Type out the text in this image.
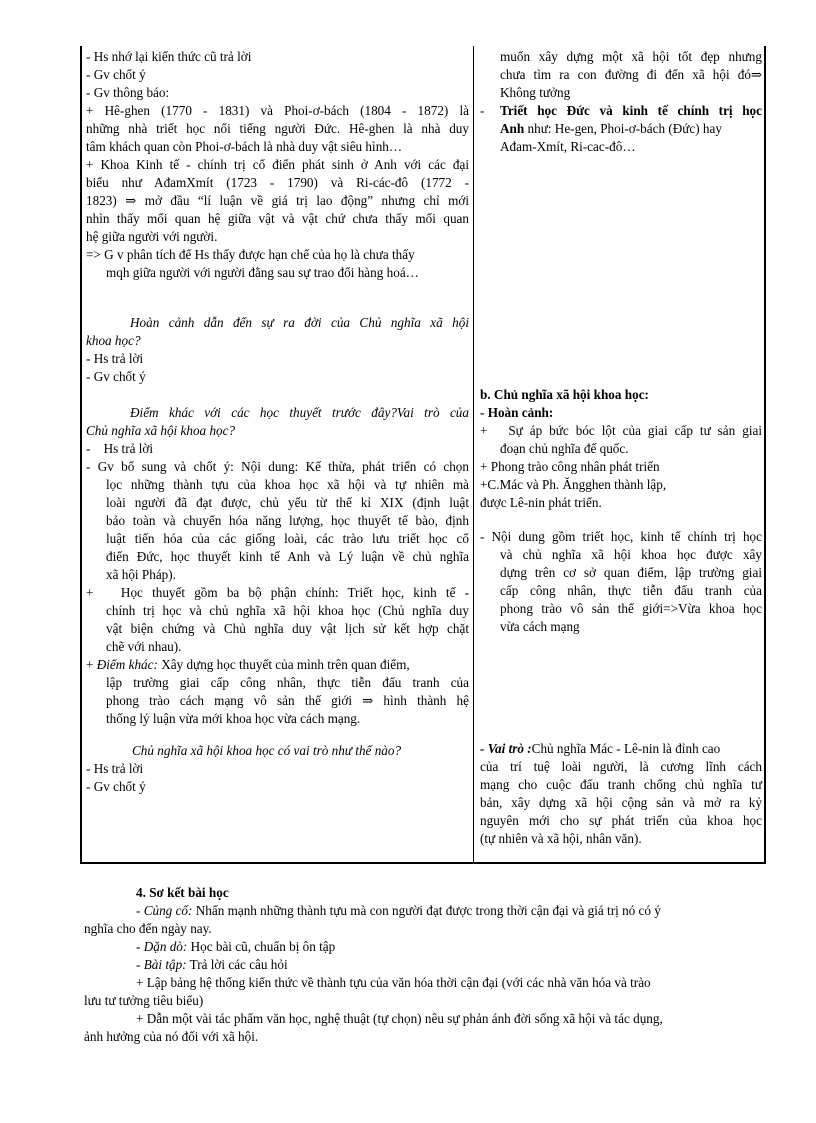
- Hs nhớ lại kiến thức cũ trả lời
- Gv chốt ý
- Gv thông báo:
+ Hê-ghen (1770 - 1831) và Phoi-ơ-bách (1804 - 1872) là
những nhà triết học nổi tiếng người Đức. Hê-ghen là nhà duy
tâm khách quan còn Phoi-ơ-bách là nhà duy vật siêu hình…
+ Khoa Kinh tế - chính trị cổ điển phát sinh ở Anh với các đại
biểu như AđamXmít (1723 - 1790) và Ri-các-đô (1772 -
1823) ⇒ mở đầu “lí luận về giá trị lao động” nhưng chỉ mới
nhìn thấy mối quan hệ giữa vật và vật chứ chưa thấy mối quan
hệ giữa người với người.
=> G v phân tích để Hs thấy được hạn chế của họ là chưa thấy
mqh giữa người với người đằng sau sự trao đổi hàng hoá…
Hoàn cảnh dẫn đến sự ra đời của Chủ nghĩa xã hội
khoa học?
- Hs trả lời
- Gv chốt ý
Điểm khác với các học thuyết trước đây?Vai trò của
Chủ nghĩa xã hội khoa học?
-    Hs trả lời
- Gv bổ sung và chốt ý: Nội dung: Kế thừa, phát triển có chọn
lọc những thành tựu của khoa học xã hội và tự nhiên mà
loài người đã đạt được, chủ yếu từ thế kỉ XIX (định luật
bảo toàn và chuyển hóa năng lượng, học thuyết tế bào, định
luật tiến hóa của các giống loài, các trào lưu triết học cổ
điển Đức, học thuyết kinh tế Anh và Lý luận về chủ nghĩa
xã hội Pháp).
+   Học thuyết gồm ba bộ phận chính: Triết học, kinh tế -
chính trị học và chủ nghĩa xã hội khoa học (Chủ nghĩa duy
vật biện chứng và Chủ nghĩa duy vật lịch sử kết hợp chặt
chẽ với nhau).
+ Điểm khác: Xây dựng học thuyết của mình trên quan điểm,
lập trường giai cấp công nhân, thực tiễn đấu tranh của
phong trào cách mạng vô sản thế giới ⇒ hình thành hệ
thống lý luận vừa mới khoa học vừa cách mạng.
Chủ nghĩa xã hội khoa học có vai trò như thế nào?
- Hs trả lời
- Gv chốt ý
muốn xây dựng một xã hội tốt đẹp nhưng
chưa tìm ra con đường đi đến xã hội đó⇒
Không tưởng
- Triết học Đức và kinh tế chính trị học
Anh như: He-gen, Phoi-ơ-bách (Đức) hay
Ađam-Xmít, Ri-cac-đô…
b. Chủ nghĩa xã hội khoa học:
- Hoàn cảnh:
+   Sự áp bức bóc lột của giai cấp tư sản giai
đoạn chủ nghĩa đế quốc.
+ Phong trào công nhân phát triển
+C.Mác và Ph. Ăngghen thành lập,
được Lê-nin phát triển.
- Nội dung gồm triết học, kinh tế chính trị học
và chủ nghĩa xã hội khoa học được xây
dựng trên cơ sở quan điểm, lập trường giai
cấp công nhân, thực tiễn đấu tranh của
phong trào vô sản thế giới=>Vừa khoa học
vừa cách mạng
- Vai trò :Chủ nghĩa Mác - Lê-nin là đỉnh cao
của trí tuệ loài người, là cương lĩnh cách
mạng cho cuộc đấu tranh chống chủ nghĩa tư
bản, xây dựng xã hội cộng sản và mở ra kỷ
nguyên mới cho sự phát triển của khoa học
(tự nhiên và xã hội, nhân văn).
4. Sơ kết bài học
- Củng cố: Nhấn mạnh những thành tựu mà con người đạt được trong thời cận đại và giá trị nó có ý
nghĩa cho đến ngày nay.
- Dặn dò: Học bài cũ, chuẩn bị ôn tập
- Bài tập: Trả lời các câu hỏi
+ Lập bảng hệ thống kiến thức về thành tựu của văn hóa thời cận đại (với các nhà văn hóa và trào
lưu tư tưởng tiêu biểu)
+ Dẫn một vài tác phẩm văn học, nghệ thuật (tự chọn) nêu sự phản ánh đời sống xã hội và tác dụng,
ảnh hưởng của nó đối với xã hội.
